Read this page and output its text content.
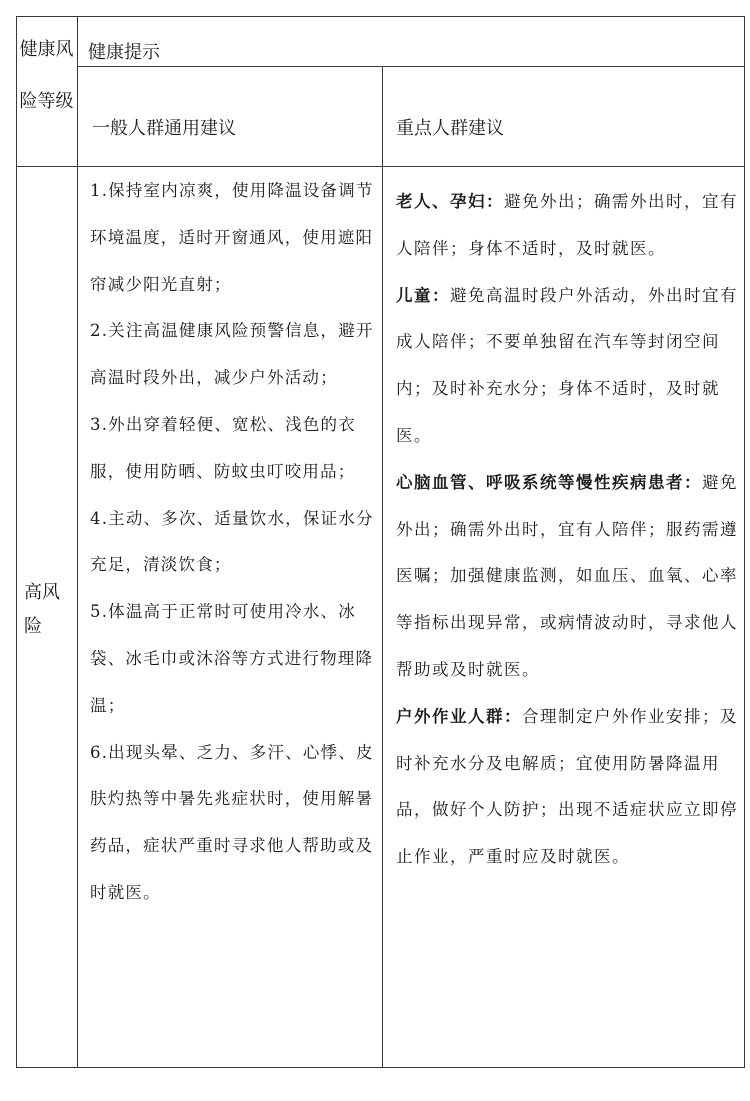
健康风险等级
健康提示
一般人群通用建议	重点人群建议
高风险

1.保持室内凉爽，使用降温设备调节环境温度，适时开窗通风，使用遮阳帘减少阳光直射；

2.关注高温健康风险预警信息，避开高温时段外出，减少户外活动；

3.外出穿着轻便、宽松、浅色的衣服，使用防晒、防蚊虫叮咬用品；

4.主动、多次、适量饮水，保证水分充足，清淡饮食；

5.体温高于正常时可使用冷水、冰袋、冰毛巾或沐浴等方式进行物理降温；

6.出现头晕、乏力、多汗、心悸、皮肤灼热等中暑先兆症状时，使用解暑药品，症状严重时寻求他人帮助或及时就医。

老人、孕妇：避免外出；确需外出时，宜有人陪伴；身体不适时，及时就医。

儿童：避免高温时段户外活动，外出时宜有成人陪伴；不要单独留在汽车等封闭空间内；及时补充水分；身体不适时，及时就医。

心脑血管、呼吸系统等慢性疾病患者：避免外出；确需外出时，宜有人陪伴；服药需遵医嘱；加强健康监测，如血压、血氧、心率等指标出现异常，或病情波动时，寻求他人帮助或及时就医。

户外作业人群：合理制定户外作业安排；及时补充水分及电解质；宜使用防暑降温用品，做好个人防护；出现不适症状应立即停止作业，严重时应及时就医。
